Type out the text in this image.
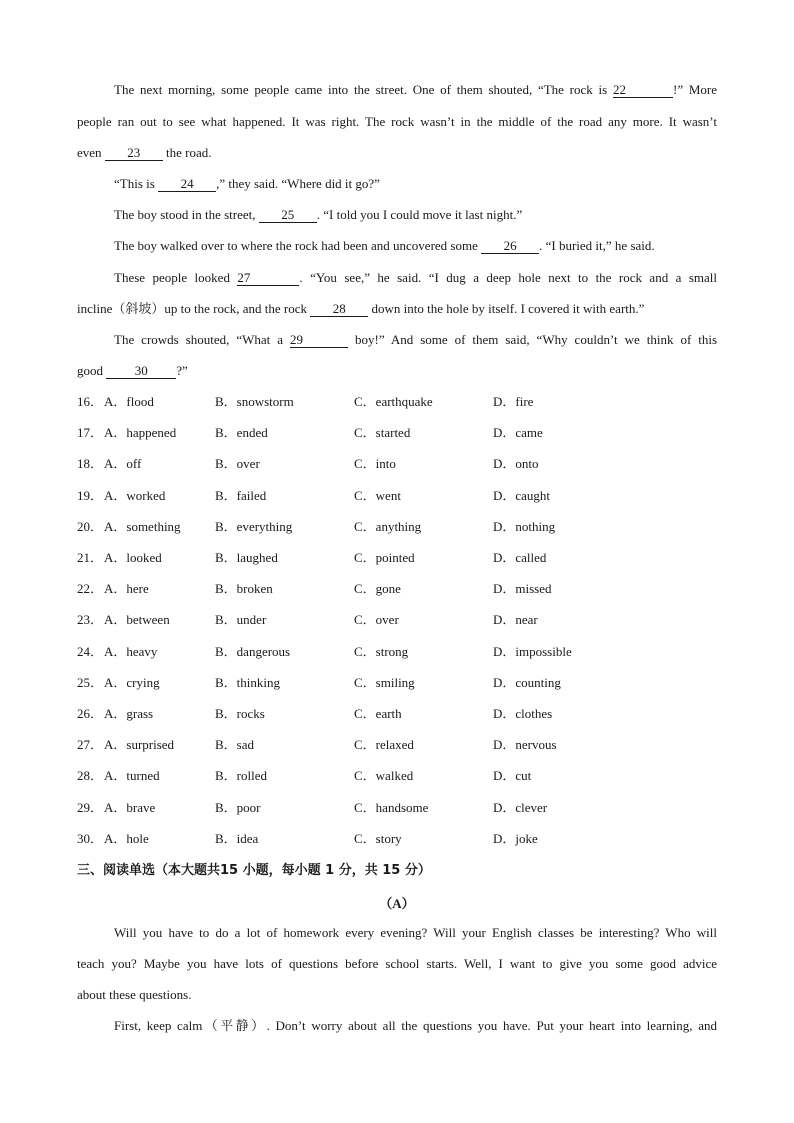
The next morning, some people came into the street. One of them shouted, “The rock is 22	!” More
people ran out to see what happened. It was right. The rock wasn’t in the middle of the road any more. It wasn’t
even 23 the road.
“This is 24 ,” they said. “Where did it go?”
The boy stood in the street, 25 . “I told you I could move it last night.”
The boy walked over to where the rock had been and uncovered some 26 . “I buried it,” he said.
These people looked 27	. “You see,” he said. “I dug a deep hole next to the rock and a small
incline（斜坡）up to the rock, and the rock 28 down into the hole by itself. I covered it with earth.”
The crowds shouted, “What a 29	boy!” And some of them said, “Why couldn’t we think of this
good 30 ?”
16． A．flood	B．snowstorm	C．earthquake	D．fire
17． A．happened	B．ended	C．started	D．came
18． A．off	B．over	C．into	D．onto
19． A．worked	B．failed	C．went	D．caught
20． A．something	B．everything	C．anything	D．nothing
21． A．looked	B．laughed	C．pointed	D．called
22． A．here	B．broken	C．gone	D．missed
23． A．between	B．under	C．over	D．near
24． A．heavy	B．dangerous	C．strong	D．impossible
25． A．crying	B．thinking	C．smiling	D．counting
26． A．grass	B．rocks	C．earth	D．clothes
27． A．surprised	B．sad	C．relaxed	D．nervous
28． A．turned	B．rolled	C．walked	D．cut
29． A．brave	B．poor	C．handsome	D．clever
30． A．hole	B．idea	C．story	D．joke
三、阅读单选（本大题共15 小题，每小题 1 分，共 15 分）
（A）
Will you have to do a lot of homework every evening? Will your English classes be interesting? Who will
teach you? Maybe you have lots of questions before school starts. Well, I want to give you some good advice
about these questions.
First, keep calm（平静）. Don’t worry about all the questions you have. Put your heart into learning, and
